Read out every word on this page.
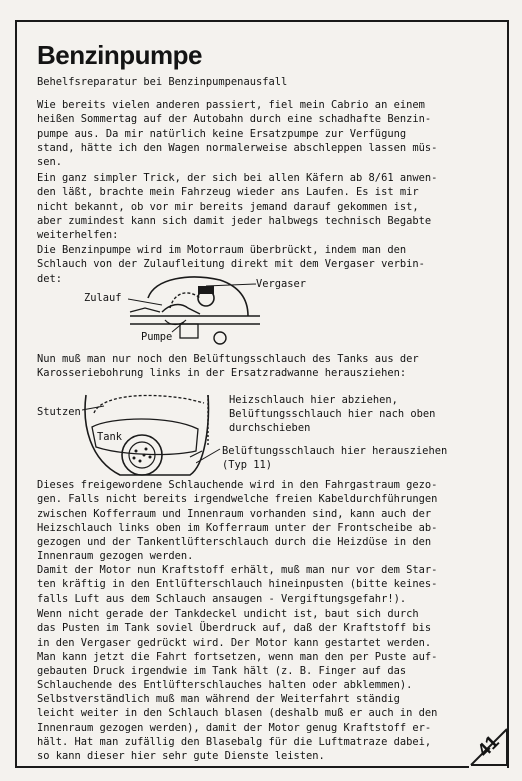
Benzinpumpe
Behelfsreparatur bei Benzinpumpenausfall
Wie bereits vielen anderen passiert, fiel mein Cabrio an einem
heißen Sommertag auf der Autobahn durch eine schadhafte Benzin-
pumpe aus. Da mir natürlich keine Ersatzpumpe zur Verfügung
stand, hätte ich den Wagen normalerweise abschleppen lassen müs-
sen.
Ein ganz simpler Trick, der sich bei allen Käfern ab 8/61 anwen-
den läßt, brachte mein Fahrzeug wieder ans Laufen. Es ist mir
nicht bekannt, ob vor mir bereits jemand darauf gekommen ist,
aber zumindest kann sich damit jeder halbwegs technisch Begabte
weiterhelfen:
Die Benzinpumpe wird im Motorraum überbrückt, indem man den
Schlauch von der Zulaufleitung direkt mit dem Vergaser verbin-
det:	Vergaser
Zulauf
Pumpe
Nun muß man nur noch den Belüftungsschlauch des Tanks aus der
Karosseriebohrung links in der Ersatzradwanne herausziehen:
Stutzen
Tank
Heizschlauch hier abziehen,
Belüftungsschlauch hier nach oben
durchschieben
Belüftungsschlauch hier herausziehen
(Typ 11)
Dieses freigewordene Schlauchende wird in den Fahrgastraum gezo-
gen. Falls nicht bereits irgendwelche freien Kabeldurchführungen
zwischen Kofferraum und Innenraum vorhanden sind, kann auch der
Heizschlauch links oben im Kofferraum unter der Frontscheibe ab-
gezogen und der Tankentlüfterschlauch durch die Heizdüse in den
Innenraum gezogen werden.
Damit der Motor nun Kraftstoff erhält, muß man nur vor dem Star-
ten kräftig in den Entlüfterschlauch hineinpusten (bitte keines-
falls Luft aus dem Schlauch ansaugen - Vergiftungsgefahr!).
Wenn nicht gerade der Tankdeckel undicht ist, baut sich durch
das Pusten im Tank soviel Überdruck auf, daß der Kraftstoff bis
in den Vergaser gedrückt wird. Der Motor kann gestartet werden.
Man kann jetzt die Fahrt fortsetzen, wenn man den per Puste auf-
gebauten Druck irgendwie im Tank hält (z. B. Finger auf das
Schlauchende des Entlüfterschlauches halten oder abklemmen).
Selbstverständlich muß man während der Weiterfahrt ständig
leicht weiter in den Schlauch blasen (deshalb muß er auch in den
Innenraum gezogen werden), damit der Motor genug Kraftstoff er-
hält. Hat man zufällig den Blasebalg für die Luftmatraze dabei,
so kann dieser hier sehr gute Dienste leisten.	41
